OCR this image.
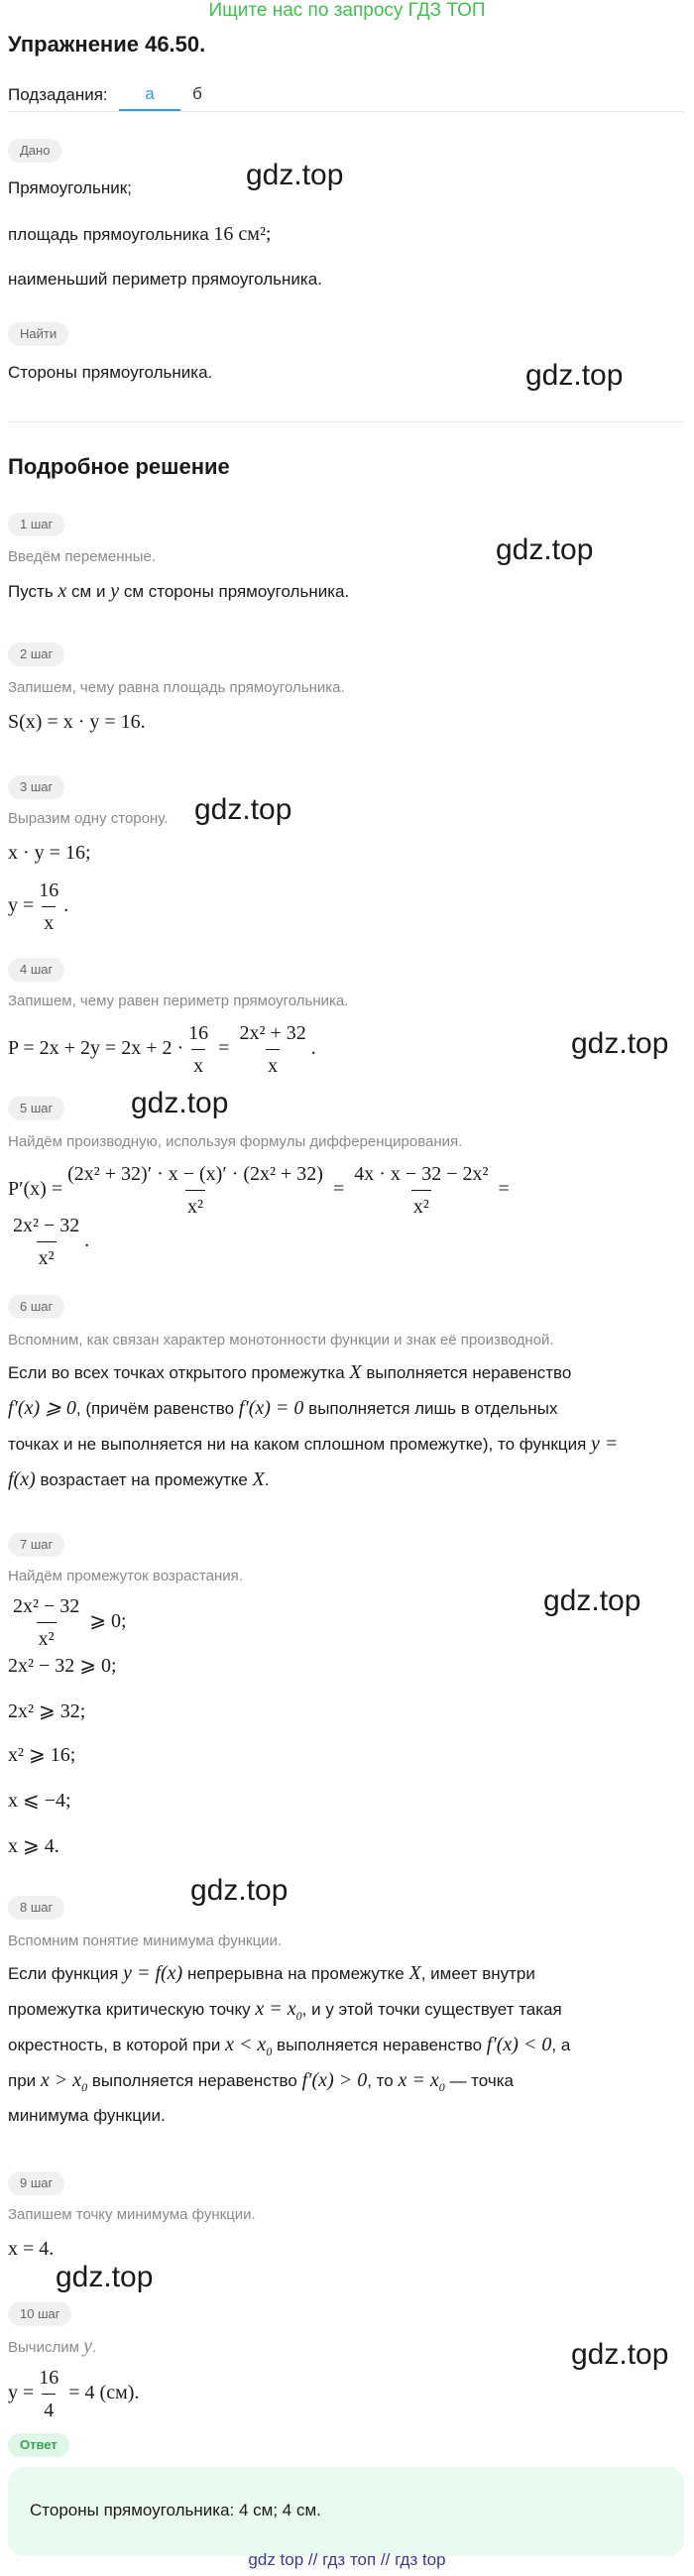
Ищите нас по запросу ГДЗ ТОП
Упражнение 46.50.
Подзадания:	а	б
Дано
Прямоугольник;
площадь прямоугольника 16 см²;
наименьший периметр прямоугольника.
Найти
Стороны прямоугольника.
Подробное решение
gdz.top
gdz.top
gdz.top
gdz.top
gdz.top
gdz.top
gdz.top
gdz.top
gdz.top
gdz.top
1 шаг
Введём переменные.
Пусть x см и y см стороны прямоугольника.
2 шаг
Запишем, чему равна площадь прямоугольника.
S(x) = x · y = 16.
3 шаг
Выразим одну сторону.
x · y = 16;
$y = \frac{16}{x}$ .
4 шаг
Запишем, чему равен периметр прямоугольника.
$P = 2x + 2y = 2x + 2 \cdot \frac{16}{x} = \frac{\text{2x² + 32}}{x}$ .
5 шаг
Найдём производную, используя формулы дифференцирования.
$P'(x) = \frac{\text{(2x² + 32)′ · x − (x)′ · (2x² + 32)}}{\text{x²}} = \frac{\text{4x · x − 32 − 2x²}}{\text{x²}}$ =
$\frac{\text{2x² − 32}}{\text{x²}}$ .
6 шаг
Вспомним, как связан характер монотонности функции и знак её производной.
Если во всех точках открытого промежутка X выполняется неравенство
f′(x) ⩾ 0, (причём равенство f′(x) = 0 выполняется лишь в отдельных
точках и не выполняется ни на каком сплошном промежутке), то функция y =
f(x) возрастает на промежутке X.
7 шаг
Найдём промежуток возрастания.
$\frac{\text{2x² − 32}}{\text{x²}}$ ⩾ 0;
2x² − 32 ⩾ 0;
2x² ⩾ 32;
x² ⩾ 16;
x ⩽ −4;
x ⩾ 4.
8 шаг
Вспомним понятие минимума функции.
Если функция y = f(x) непрерывна на промежутке X, имеет внутри
промежутка критическую точку $x = x_0$, и у этой точки существует такая
окрестность, в которой при $x < x_0$ выполняется неравенство f′(x) < 0, а
при $x > x_0$ выполняется неравенство f′(x) > 0, то $x = x_0$ — точка
минимума функции.
9 шаг
Запишем точку минимума функции.
x = 4.
10 шаг
Вычислим y.
$y = \frac{16}{4} = 4$ (см).
Ответ
Стороны прямоугольника: 4 см; 4 см.
gdz top // гдз топ // гдз top
